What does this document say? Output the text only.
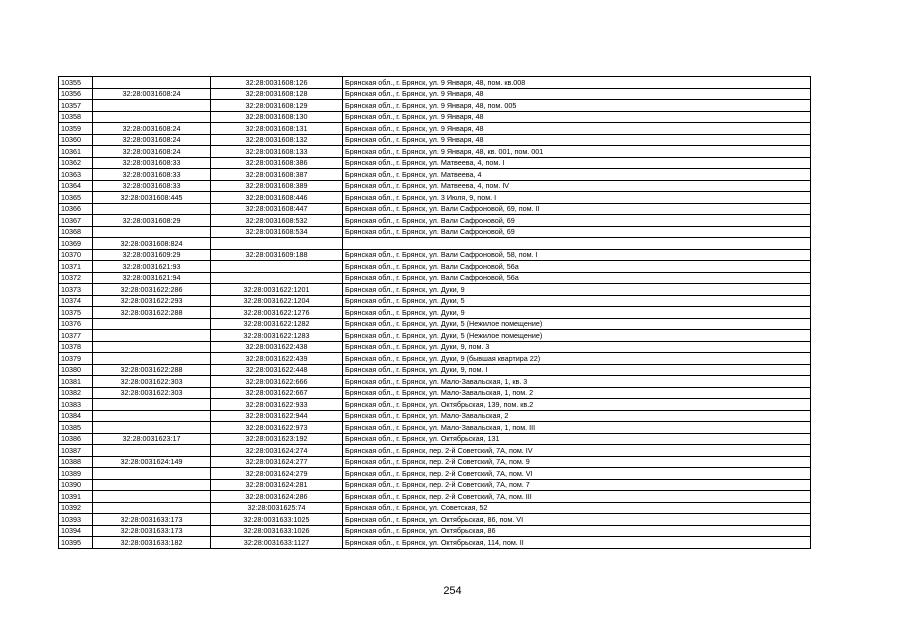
10355		32:28:0031608:126	Брянская обл., г. Брянск, ул. 9 Января, 48, пом. кв.008
10356	32:28:0031608:24	32:28:0031608:128	Брянская обл., г. Брянск, ул. 9 Января, 48
10357		32:28:0031608:129	Брянская обл., г. Брянск, ул. 9 Января, 48, пом. 005
10358		32:28:0031608:130	Брянская обл., г. Брянск, ул. 9 Января, 48
10359	32:28:0031608:24	32:28:0031608:131	Брянская обл., г. Брянск, ул. 9 Января, 48
10360	32:28:0031608:24	32:28:0031608:132	Брянская обл., г. Брянск, ул. 9 Января, 48
10361	32:28:0031608:24	32:28:0031608:133	Брянская обл., г. Брянск, ул. 9 Января, 48, кв. 001, пом. 001
10362	32:28:0031608:33	32:28:0031608:386	Брянская обл., г. Брянск, ул. Матвеева, 4, пом. I
10363	32:28:0031608:33	32:28:0031608:387	Брянская обл., г. Брянск, ул. Матвеева, 4
10364	32:28:0031608:33	32:28:0031608:389	Брянская обл., г. Брянск, ул. Матвеева, 4, пом. IV
10365	32:28:0031608:445	32:28:0031608:446	Брянская обл., г. Брянск, ул. 3 Июля, 9, пом. I
10366		32:28:0031608:447	Брянская обл., г. Брянск, ул. Вали Сафроновой, 69, пом. II
10367	32:28:0031608:29	32:28:0031608:532	Брянская обл., г. Брянск, ул. Вали Сафроновой, 69
10368		32:28:0031608:534	Брянская обл., г. Брянск, ул. Вали Сафроновой, 69
10369	32:28:0031608:824		
10370	32:28:0031609:29	32:28:0031609:188	Брянская обл., г. Брянск, ул. Вали Сафроновой, 58, пом. I
10371	32:28:0031621:93		Брянская обл., г. Брянск, ул. Вали Сафроновой, 56а
10372	32:28:0031621:94		Брянская обл., г. Брянск, ул. Вали Сафроновой, 56а
10373	32:28:0031622:286	32:28:0031622:1201	Брянская обл., г. Брянск, ул. Дуки, 9
10374	32:28:0031622:293	32:28:0031622:1204	Брянская обл., г. Брянск, ул. Дуки, 5
10375	32:28:0031622:288	32:28:0031622:1276	Брянская обл., г. Брянск, ул. Дуки, 9
10376		32:28:0031622:1282	Брянская обл., г. Брянск, ул. Дуки, 5 (Нежилое помещение)
10377		32:28:0031622:1283	Брянская обл., г. Брянск, ул. Дуки, 5 (Нежилое помещение)
10378		32:28:0031622:438	Брянская обл., г. Брянск, ул. Дуки, 9, пом. 3
10379		32:28:0031622:439	Брянская обл., г. Брянск, ул. Дуки, 9 (бывшая квартира 22)
10380	32:28:0031622:288	32:28:0031622:448	Брянская обл., г. Брянск, ул. Дуки, 9, пом. I
10381	32:28:0031622:303	32:28:0031622:666	Брянская обл., г. Брянск, ул. Мало-Завальская, 1, кв. 3
10382	32:28:0031622:303	32:28:0031622:667	Брянская обл., г. Брянск, ул. Мало-Завальская, 1, пом. 2
10383		32:28:0031622:933	Брянская обл., г. Брянск, ул. Октябрьская, 139, пом. кв.2
10384		32:28:0031622:944	Брянская обл., г. Брянск, ул. Мало-Завальская, 2
10385		32:28:0031622:973	Брянская обл., г. Брянск, ул. Мало-Завальская, 1, пом. III
10386	32:28:0031623:17	32:28:0031623:192	Брянская обл., г. Брянск, ул. Октябрьская, 131
10387		32:28:0031624:274	Брянская обл., г. Брянск, пер. 2-й Советский, 7А, пом. IV
10388	32:28:0031624:149	32:28:0031624:277	Брянская обл., г. Брянск, пер. 2-й Советский, 7А, пом. 9
10389		32:28:0031624:279	Брянская обл., г. Брянск, пер. 2-й Советский, 7А, пом. VI
10390		32:28:0031624:281	Брянская обл., г. Брянск, пер. 2-й Советский, 7А, пом. 7
10391		32:28:0031624:286	Брянская обл., г. Брянск, пер. 2-й Советский, 7А, пом. III
10392		32:28:0031625:74	Брянская обл., г. Брянск, ул. Советская, 52
10393	32:28:0031633:173	32:28:0031633:1025	Брянская обл., г. Брянск, ул. Октябрьская, 86, пом. VI
10394	32:28:0031633:173	32:28:0031633:1026	Брянская обл., г. Брянск, ул. Октябрьская, 86
10395	32:28:0031633:182	32:28:0031633:1127	Брянская обл., г. Брянск, ул. Октябрьская, 114, пом. II
254
